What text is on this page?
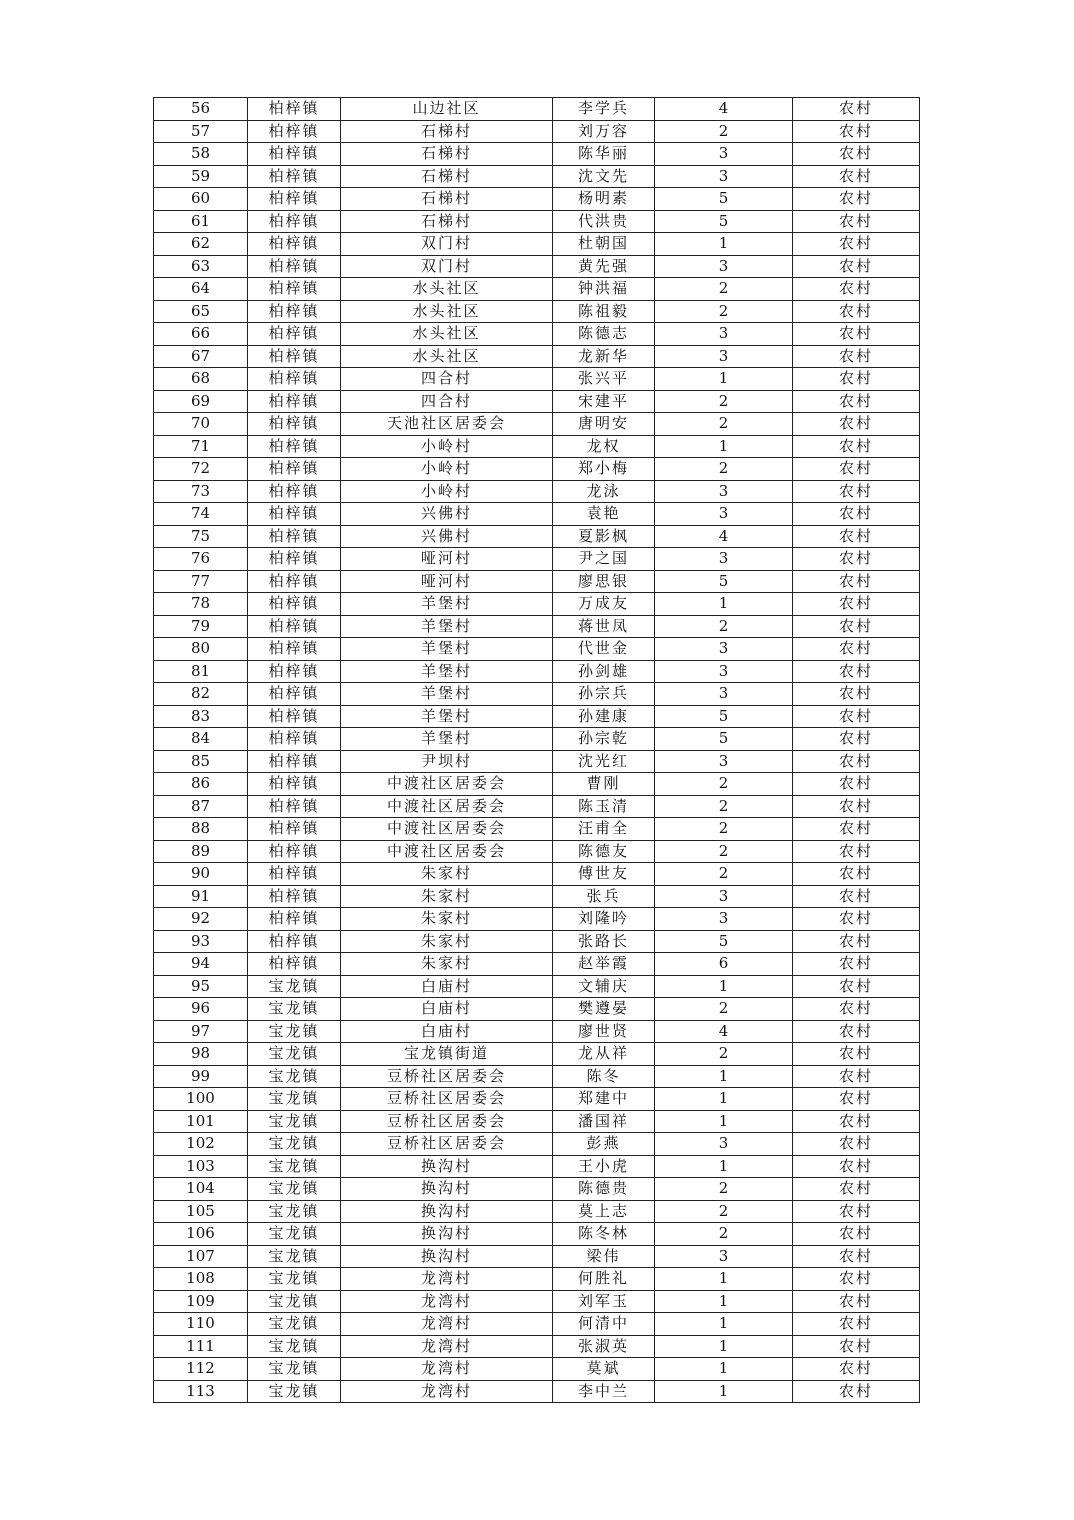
56	柏梓镇	山边社区	李学兵	4	农村
57	柏梓镇	石梯村	刘万容	2	农村
58	柏梓镇	石梯村	陈华丽	3	农村
59	柏梓镇	石梯村	沈文先	3	农村
60	柏梓镇	石梯村	杨明素	5	农村
61	柏梓镇	石梯村	代洪贵	5	农村
62	柏梓镇	双门村	杜朝国	1	农村
63	柏梓镇	双门村	黄先强	3	农村
64	柏梓镇	水头社区	钟洪福	2	农村
65	柏梓镇	水头社区	陈祖毅	2	农村
66	柏梓镇	水头社区	陈德志	3	农村
67	柏梓镇	水头社区	龙新华	3	农村
68	柏梓镇	四合村	张兴平	1	农村
69	柏梓镇	四合村	宋建平	2	农村
70	柏梓镇	天池社区居委会	唐明安	2	农村
71	柏梓镇	小岭村	龙权	1	农村
72	柏梓镇	小岭村	郑小梅	2	农村
73	柏梓镇	小岭村	龙泳	3	农村
74	柏梓镇	兴佛村	袁艳	3	农村
75	柏梓镇	兴佛村	夏影枫	4	农村
76	柏梓镇	哑河村	尹之国	3	农村
77	柏梓镇	哑河村	廖思银	5	农村
78	柏梓镇	羊堡村	万成友	1	农村
79	柏梓镇	羊堡村	蒋世凤	2	农村
80	柏梓镇	羊堡村	代世金	3	农村
81	柏梓镇	羊堡村	孙剑雄	3	农村
82	柏梓镇	羊堡村	孙宗兵	3	农村
83	柏梓镇	羊堡村	孙建康	5	农村
84	柏梓镇	羊堡村	孙宗乾	5	农村
85	柏梓镇	尹坝村	沈光红	3	农村
86	柏梓镇	中渡社区居委会	曹刚	2	农村
87	柏梓镇	中渡社区居委会	陈玉清	2	农村
88	柏梓镇	中渡社区居委会	汪甫全	2	农村
89	柏梓镇	中渡社区居委会	陈德友	2	农村
90	柏梓镇	朱家村	傅世友	2	农村
91	柏梓镇	朱家村	张兵	3	农村
92	柏梓镇	朱家村	刘隆吟	3	农村
93	柏梓镇	朱家村	张路长	5	农村
94	柏梓镇	朱家村	赵举霞	6	农村
95	宝龙镇	白庙村	文辅庆	1	农村
96	宝龙镇	白庙村	樊遵晏	2	农村
97	宝龙镇	白庙村	廖世贤	4	农村
98	宝龙镇	宝龙镇街道	龙从祥	2	农村
99	宝龙镇	豆桥社区居委会	陈冬	1	农村
100	宝龙镇	豆桥社区居委会	郑建中	1	农村
101	宝龙镇	豆桥社区居委会	潘国祥	1	农村
102	宝龙镇	豆桥社区居委会	彭燕	3	农村
103	宝龙镇	换沟村	王小虎	1	农村
104	宝龙镇	换沟村	陈德贵	2	农村
105	宝龙镇	换沟村	莫上志	2	农村
106	宝龙镇	换沟村	陈冬林	2	农村
107	宝龙镇	换沟村	梁伟	3	农村
108	宝龙镇	龙湾村	何胜礼	1	农村
109	宝龙镇	龙湾村	刘军玉	1	农村
110	宝龙镇	龙湾村	何清中	1	农村
111	宝龙镇	龙湾村	张淑英	1	农村
112	宝龙镇	龙湾村	莫斌	1	农村
113	宝龙镇	龙湾村	李中兰	1	农村
